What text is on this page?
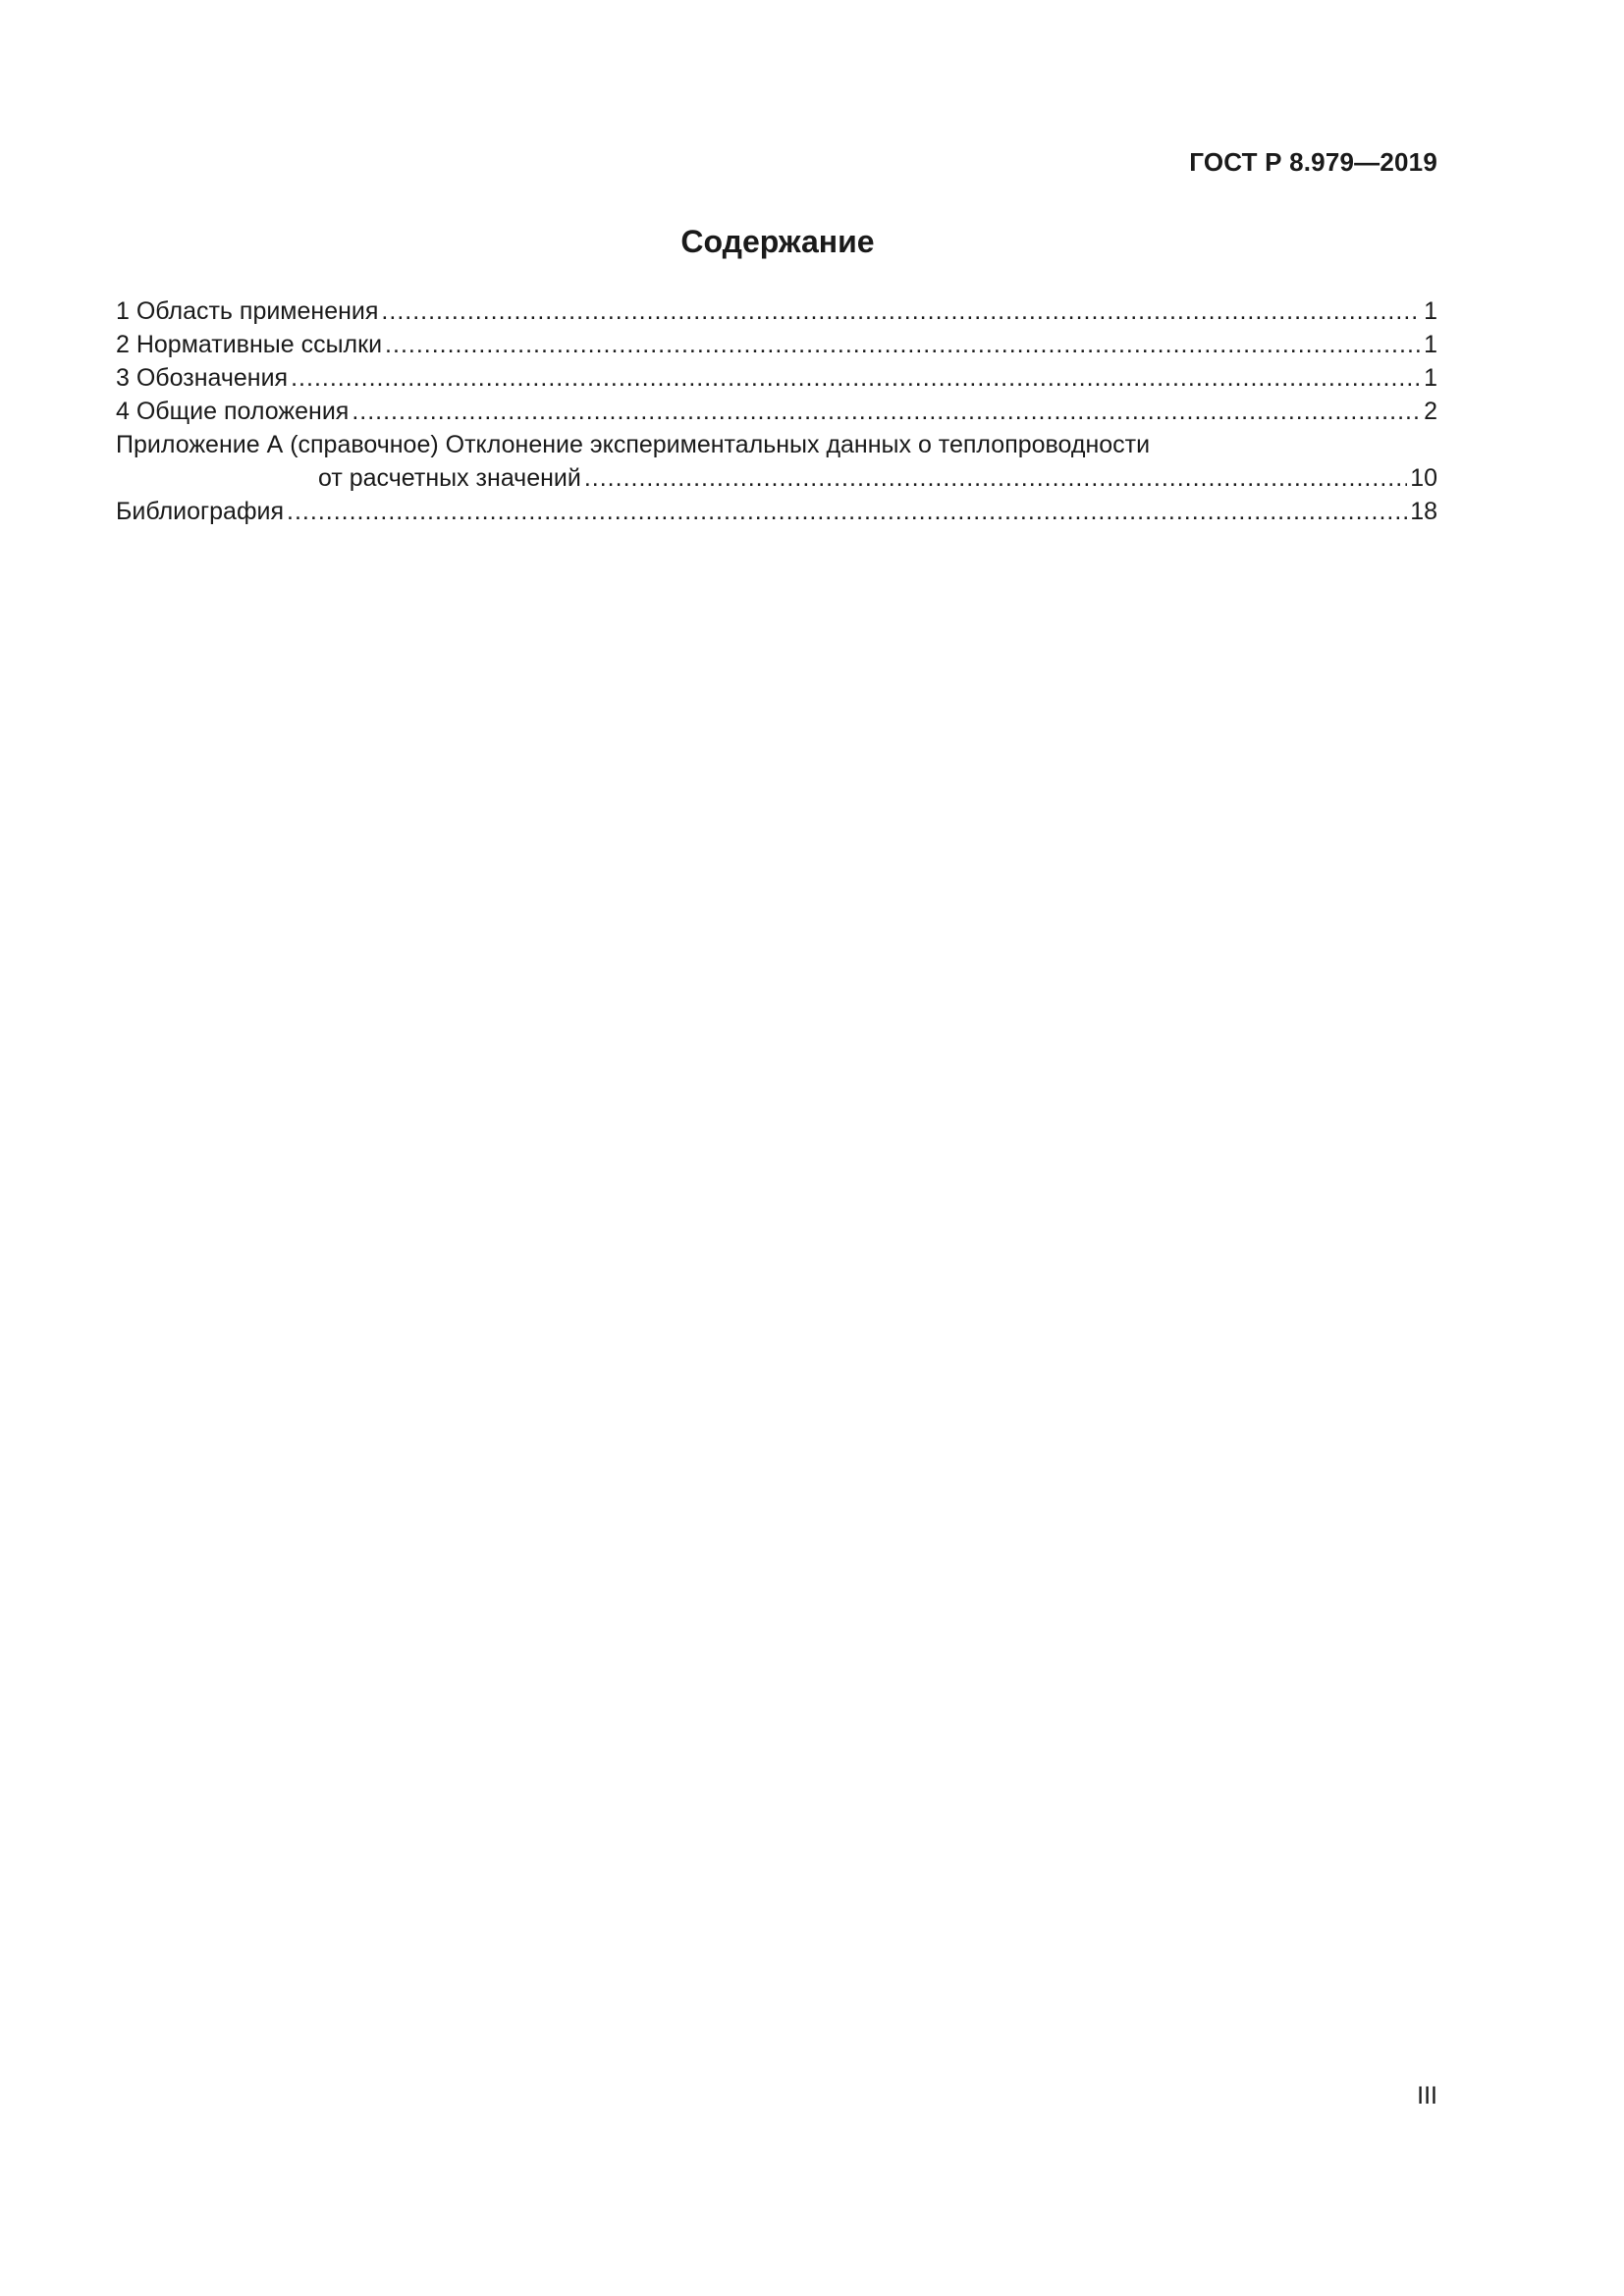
ГОСТ Р 8.979—2019
Содержание
1 Область применения .....	1
2 Нормативные ссылки .....	1
3 Обозначения .....	1
4 Общие положения .....	2
Приложение А (справочное) Отклонение экспериментальных данных о теплопроводности
от расчетных значений .....	10
Библиография .....	18
III
